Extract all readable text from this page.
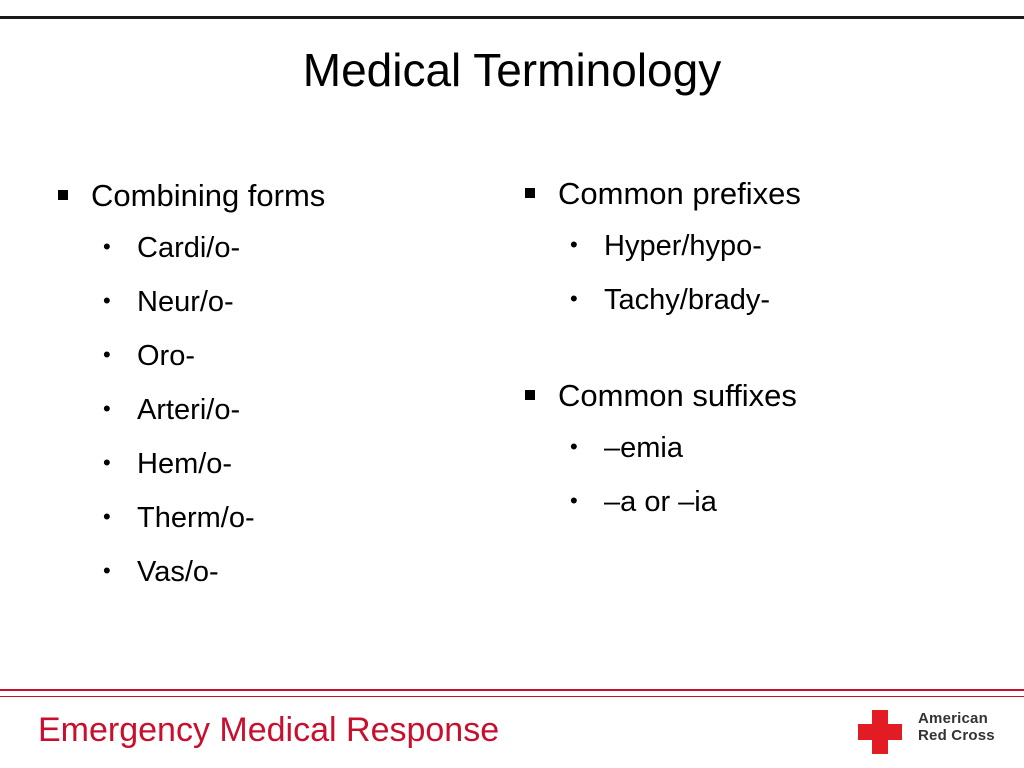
Medical Terminology
Combining forms
• Cardi/o-
• Neur/o-
• Oro-
• Arteri/o-
• Hem/o-
• Therm/o-
• Vas/o-
Common prefixes
• Hyper/hypo-
• Tachy/brady-
Common suffixes
• –emia
• –a or –ia
Emergency Medical Response	American
Red Cross
